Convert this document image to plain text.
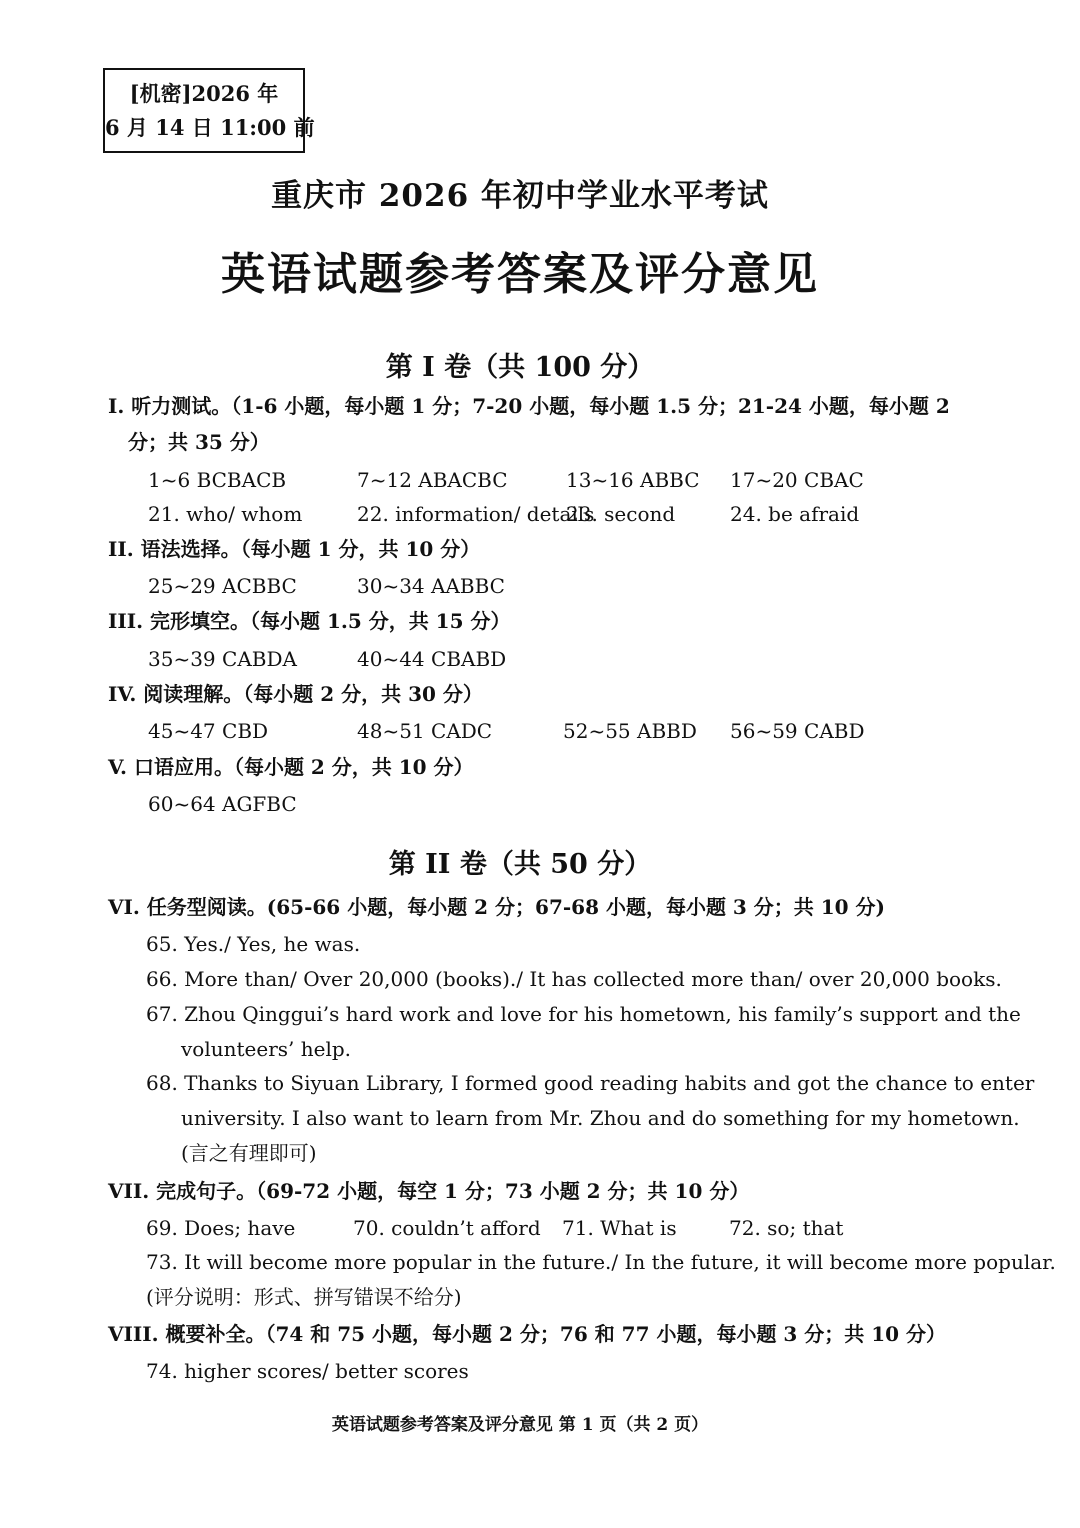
[机密]2026 年
6 月 14 日 11:00 前
重庆市 2026 年初中学业水平考试
英语试题参考答案及评分意见
第 I 卷（共 100 分）
I. 听力测试。（1-6 小题，每小题 1 分；7-20 小题，每小题 1.5 分；21-24 小题，每小题 2
分；共 35 分）
1~6 BCBACB	7~12 ABACBC	13~16 ABBC 17~20 CBAC
21. who/ whom	22. information/ details
23. second	24. be afraid
II. 语法选择。（每小题 1 分，共 10 分）
25~29 ACBBC	30~34 AABBC
III. 完形填空。（每小题 1.5 分，共 15 分）
35~39 CABDA	40~44 CBABD
IV. 阅读理解。（每小题 2 分，共 30 分）
45~47 CBD	48~51 CADC	52~55 ABBD 56~59 CABD
V. 口语应用。（每小题 2 分，共 10 分）
60~64 AGFBC
第 II 卷（共 50 分）
VI. 任务型阅读。(65-66 小题，每小题 2 分；67-68 小题，每小题 3 分；共 10 分)
65. Yes./ Yes, he was.
66. More than/ Over 20,000 (books)./ It has collected more than/ over 20,000 books.
67. Zhou Qinggui’s hard work and love for his hometown, his family’s support and the
volunteers’ help.
68. Thanks to Siyuan Library, I formed good reading habits and got the chance to enter
university. I also want to learn from Mr. Zhou and do something for my hometown.
(言之有理即可)
VII. 完成句子。（69-72 小题，每空 1 分；73 小题 2 分；共 10 分）
69. Does; have	70. couldn’t afford 71. What is	72. so; that
73. It will become more popular in the future./ In the future, it will become more popular.
(评分说明：形式、拼写错误不给分)
VIII. 概要补全。（74 和 75 小题，每小题 2 分；76 和 77 小题，每小题 3 分；共 10 分）
74. higher scores/ better scores
英语试题参考答案及评分意见 第 1 页（共 2 页）
